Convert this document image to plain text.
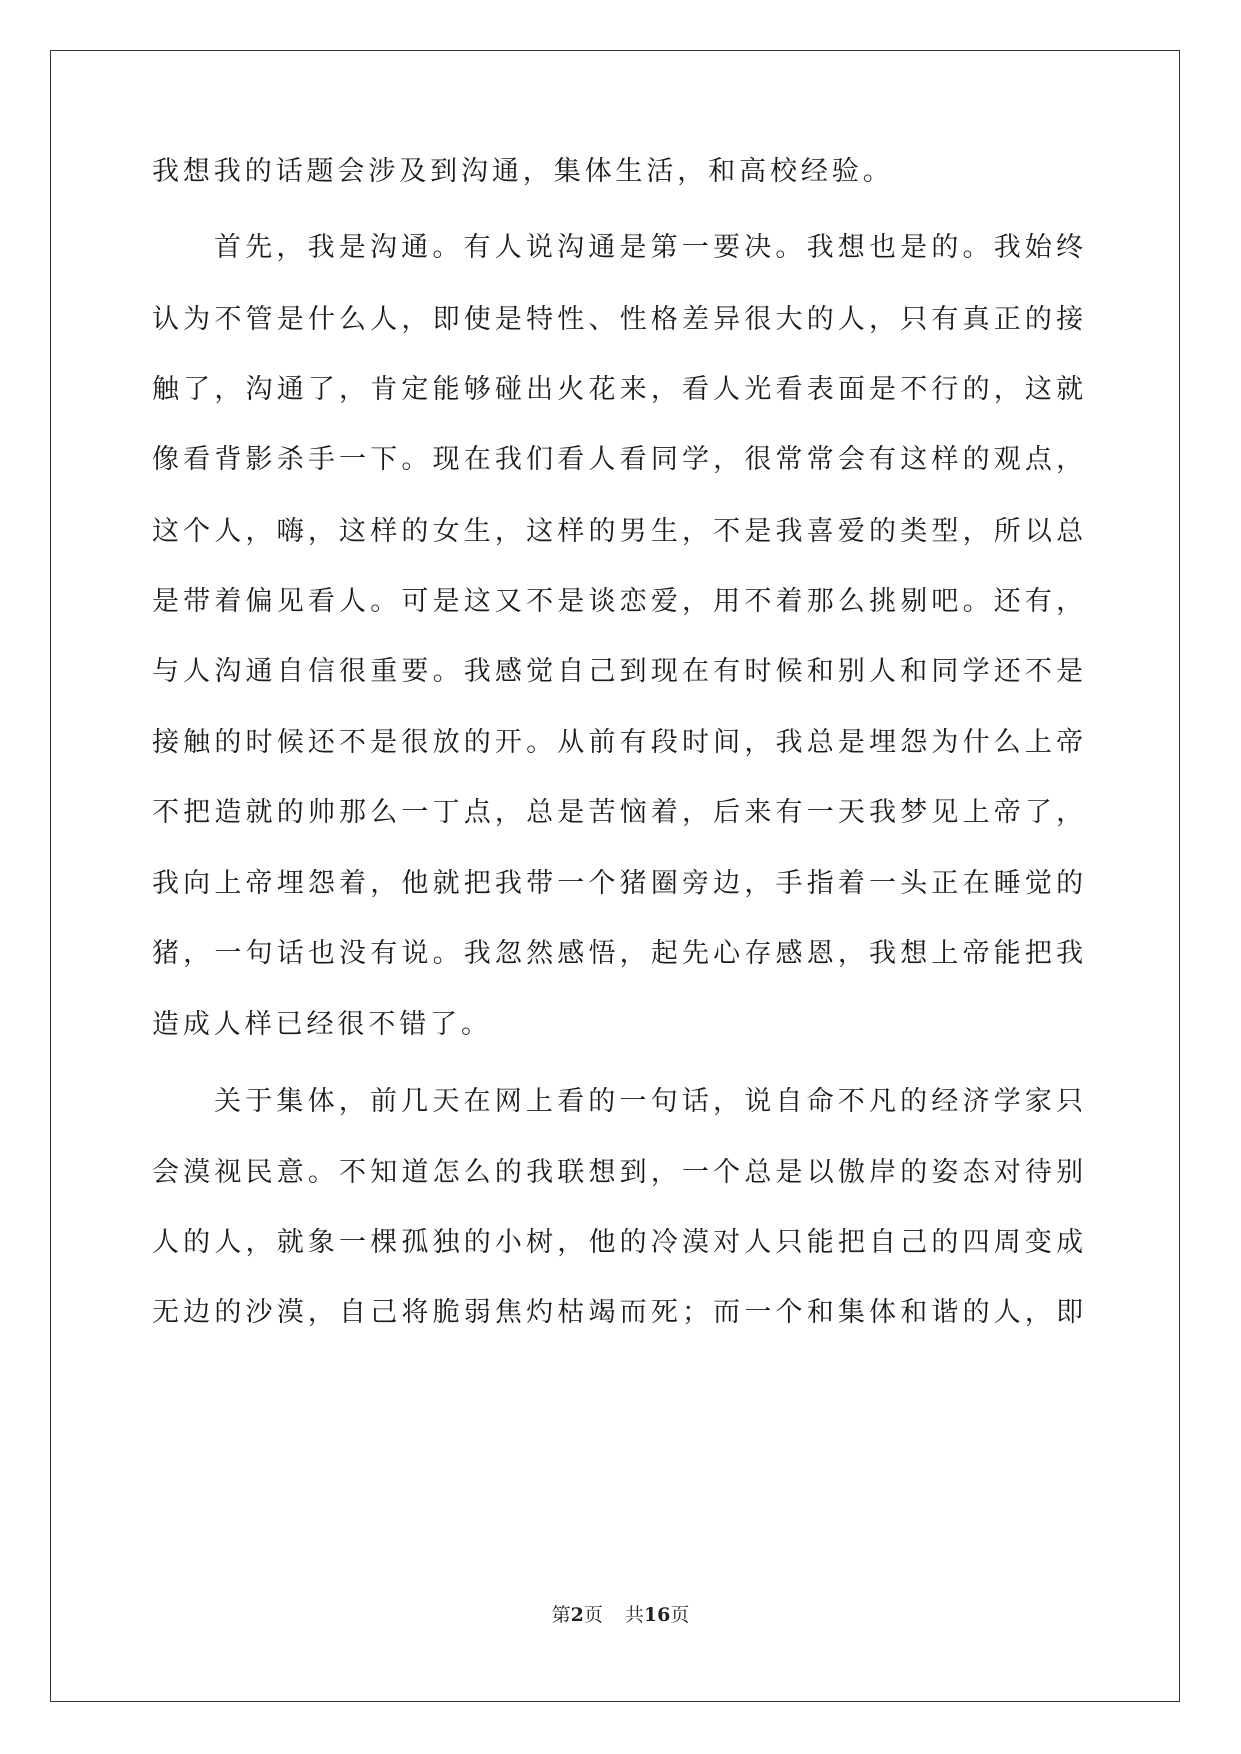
我想我的话题会涉及到沟通，集体生活，和高校经验。
首先，我是沟通。有人说沟通是第一要决。我想也是的。我始终
认为不管是什么人，即使是特性、性格差异很大的人，只有真正的接
触了，沟通了，肯定能够碰出火花来，看人光看表面是不行的，这就
像看背影杀手一下。现在我们看人看同学，很常常会有这样的观点，
这个人，嗨，这样的女生，这样的男生，不是我喜爱的类型，所以总
是带着偏见看人。可是这又不是谈恋爱，用不着那么挑剔吧。还有，
与人沟通自信很重要。我感觉自己到现在有时候和别人和同学还不是
接触的时候还不是很放的开。从前有段时间，我总是埋怨为什么上帝
不把造就的帅那么一丁点，总是苦恼着，后来有一天我梦见上帝了，
我向上帝埋怨着，他就把我带一个猪圈旁边，手指着一头正在睡觉的
猪，一句话也没有说。我忽然感悟，起先心存感恩，我想上帝能把我
造成人样已经很不错了。
关于集体，前几天在网上看的一句话，说自命不凡的经济学家只
会漠视民意。不知道怎么的我联想到，一个总是以傲岸的姿态对待别
人的人，就象一棵孤独的小树，他的冷漠对人只能把自己的四周变成
无边的沙漠，自己将脆弱焦灼枯竭而死；而一个和集体和谐的人，即
第2页 共16页
